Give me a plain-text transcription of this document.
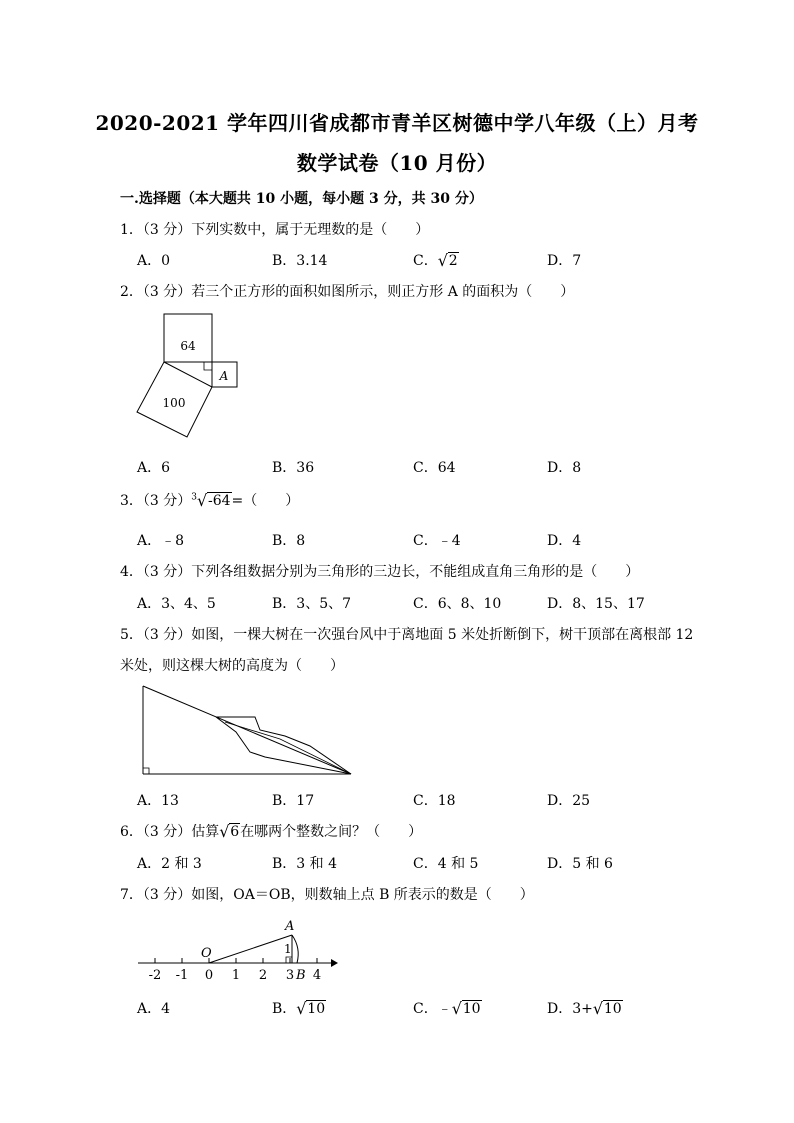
2020-2021 学年四川省成都市青羊区树德中学八年级（上）月考
数学试卷（10 月份）
一.选择题（本大题共 10 小题，每小题 3 分，共 30 分）
1．（3 分）下列实数中，属于无理数的是（　　）
A．0	B．3.14	C． √ 2	D．7
2．（3 分）若三个正方形的面积如图所示，则正方形 A 的面积为（　　）
64
A
100
A．6	B．36	C．64	D．8
3．（3 分）$^3$ √ -64=（　　）
A．﹣8	B．8	C．﹣4	D．4
4．（3 分）下列各组数据分别为三角形的三边长，不能组成直角三角形的是（　　）
A．3、4、5	B．3、5、7	C．6、8、10	D．8、15、17
5．（3 分）如图，一棵大树在一次强台风中于离地面 5 米处折断倒下，树干顶部在离根部 12
米处，则这棵大树的高度为（　　）
A．13	B．17	C．18	D．25
6．（3 分）估算 √ 6在哪两个整数之间？（　　）
A．2 和 3	B．3 和 4	C．4 和 5	D．5 和 6
7．（3 分）如图，OA＝OB，则数轴上点 B 所表示的数是（　　）
-2 -1 0 1 2 3 4
O
A
1
B
A．4	B． √ 10	C．﹣ √ 10	D．3+ √ 10
